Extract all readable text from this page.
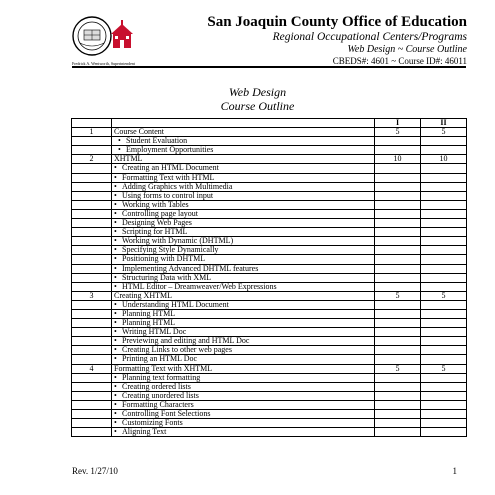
Fredrick A. Wentworth, Superintendent
San Joaquin County Office of Education
Regional Occupational Centers/Programs
Web Design ~ Course Outline
CBEDS#: 4601 ~ Course ID#: 46011
Web Design
Course Outline
		I	II
1	Course Content	5	5
	• Student Evaluation		
	• Employment Opportunities		
2	XHTML	10	10
	• Creating an HTML Document		
	• Formatting Text with HTML		
	• Adding Graphics with Multimedia		
	• Using forms to control input		
	• Working with Tables		
	• Controlling page layout		
	• Designing Web Pages		
	• Scripting for HTML		
	• Working with Dynamic (DHTML)		
	• Specifying Style Dynamically		
	• Positioning with DHTML		
	• Implementing Advanced DHTML features		
	• Structuring Data with XML		
	• HTML Editor – Dreamweaver/Web Expressions		
3	Creating XHTML	5	5
	• Understanding HTML Document		
	• Planning HTML		
	• Planning HTML		
	• Writing HTML Doc		
	• Previewing and editing and HTML Doc		
	• Creating Links to other web pages		
	• Printing an HTML Doc		
4	Formatting Text with XHTML	5	5
	• Planning text formatting		
	• Creating ordered lists		
	• Creating unordered lists		
	• Formatting Characters		
	• Controlling Font Selections		
	• Customizing Fonts		
	• Aligning Text		
Rev. 1/27/10	1
